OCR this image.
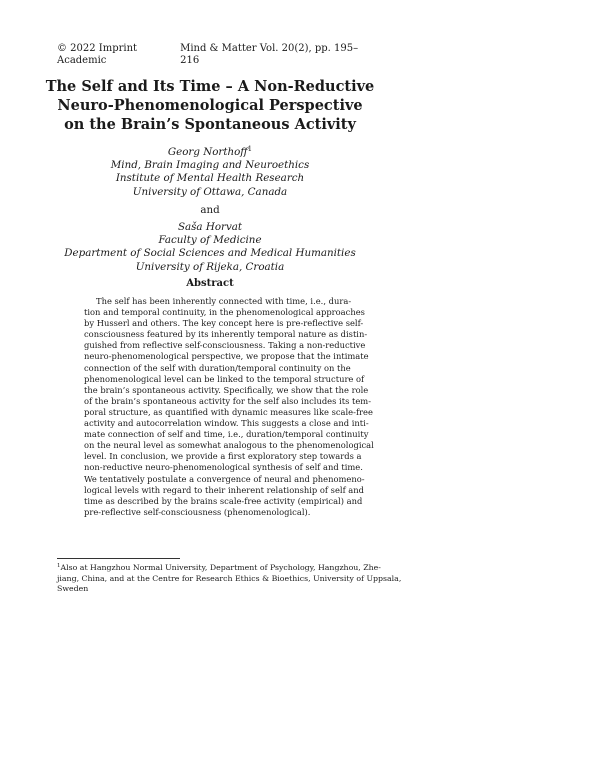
© 2022 Imprint Academic
Mind & Matter Vol. 20(2), pp. 195–216
The Self and Its Time – A Non-Reductive
Neuro-Phenomenological Perspective
on the Brain’s Spontaneous Activity
Georg Northoff$^1$
Mind, Brain Imaging and Neuroethics
Institute of Mental Health Research
University of Ottawa, Canada
and
Saša Horvat
Faculty of Medicine
Department of Social Sciences and Medical Humanities
University of Rijeka, Croatia
Abstract
The self has been inherently connected with time, i.e., dura-
tion and temporal continuity, in the phenomenological approaches
by Husserl and others. The key concept here is pre-reflective self-
consciousness featured by its inherently temporal nature as distin-
guished from reflective self-consciousness. Taking a non-reductive
neuro-phenomenological perspective, we propose that the intimate
connection of the self with duration/temporal continuity on the
phenomenological level can be linked to the temporal structure of
the brain’s spontaneous activity. Specifically, we show that the role
of the brain’s spontaneous activity for the self also includes its tem-
poral structure, as quantified with dynamic measures like scale-free
activity and autocorrelation window. This suggests a close and inti-
mate connection of self and time, i.e., duration/temporal continuity
on the neural level as somewhat analogous to the phenomenological
level. In conclusion, we provide a first exploratory step towards a
non-reductive neuro-phenomenological synthesis of self and time.
We tentatively postulate a convergence of neural and phenomeno-
logical levels with regard to their inherent relationship of self and
time as described by the brains scale-free activity (empirical) and
pre-reflective self-consciousness (phenomenological).
$^1$Also at Hangzhou Normal University, Department of Psychology, Hangzhou, Zhe-
jiang, China, and at the Centre for Research Ethics & Bioethics, University of Uppsala,
Sweden
